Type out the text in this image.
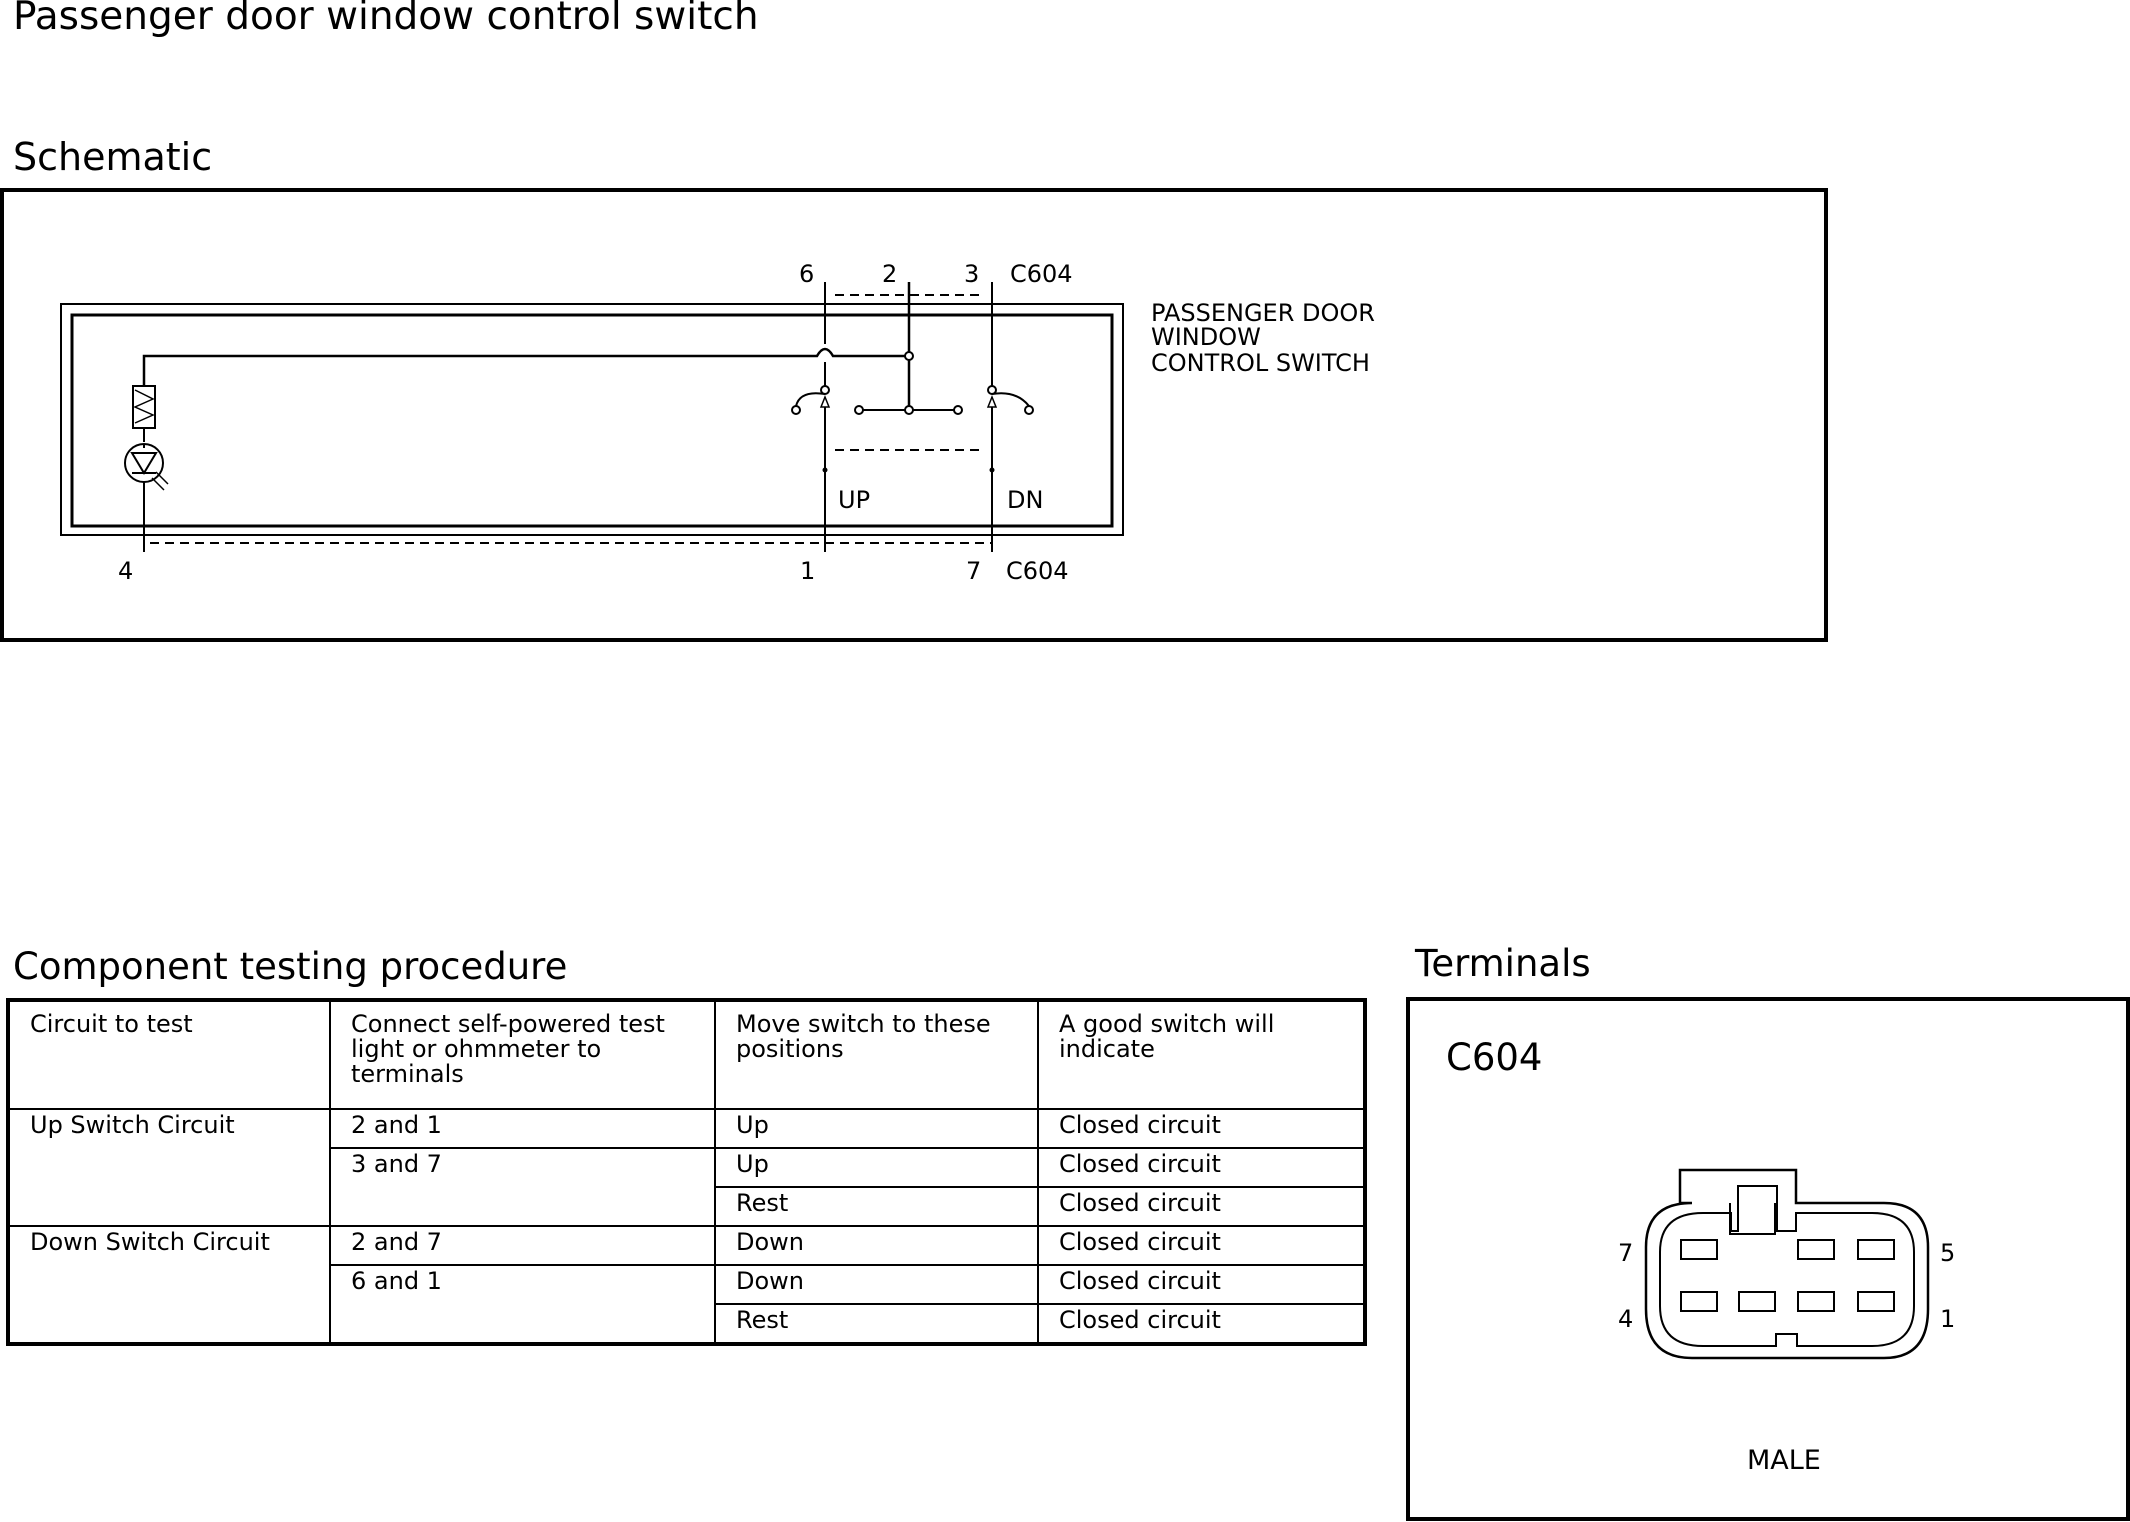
Passenger door window control switch
Schematic
6	2	3 C604
PASSENGER DOOR
WINDOW
CONTROL SWITCH
UP	DN
4	1	7 C604
Component testing procedure
Circuit to test	Connect self-powered test light or ohmmeter to terminals	Move switch to these positions	A good switch will indicate
Up Switch Circuit	2 and 1	Up	Closed circuit
	3 and 7	Up	Closed circuit
		Rest	Closed circuit
Down Switch Circuit	2 and 7	Down	Closed circuit
	6 and 1	Down	Closed circuit
		Rest	Closed circuit
Terminals
C604
7	5
4	1
MALE
